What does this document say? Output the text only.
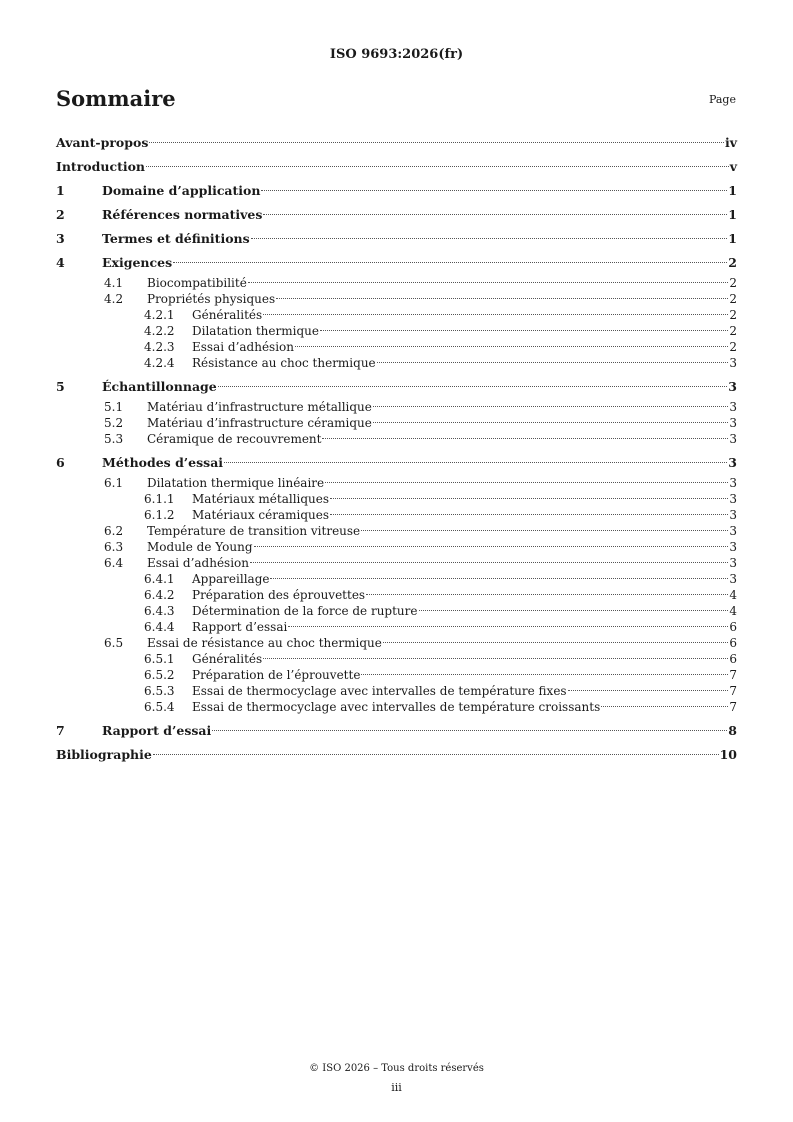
ISO 9693:2026(fr)
Sommaire	Page
Avant-propos	iv
Introduction	v
1	Domaine d’application	1
2	Références normatives	1
3	Termes et définitions	1
4	Exigences	2
4.1	Biocompatibilité	2
4.2	Propriétés physiques	2
4.2.1	Généralités	2
4.2.2	Dilatation thermique	2
4.2.3	Essai d’adhésion	2
4.2.4	Résistance au choc thermique	3
5	Échantillonnage	3
5.1	Matériau d’infrastructure métallique	3
5.2	Matériau d’infrastructure céramique	3
5.3	Céramique de recouvrement	3
6	Méthodes d’essai	3
6.1	Dilatation thermique linéaire	3
6.1.1	Matériaux métalliques	3
6.1.2	Matériaux céramiques	3
6.2	Température de transition vitreuse	3
6.3	Module de Young	3
6.4	Essai d’adhésion	3
6.4.1	Appareillage	3
6.4.2	Préparation des éprouvettes	4
6.4.3	Détermination de la force de rupture	4
6.4.4	Rapport d’essai	6
6.5	Essai de résistance au choc thermique	6
6.5.1	Généralités	6
6.5.2	Préparation de l’éprouvette	7
6.5.3	Essai de thermocyclage avec intervalles de température fixes	7
6.5.4	Essai de thermocyclage avec intervalles de température croissants	7
7	Rapport d’essai	8
Bibliographie	10
© ISO 2026 – Tous droits réservés
iii
